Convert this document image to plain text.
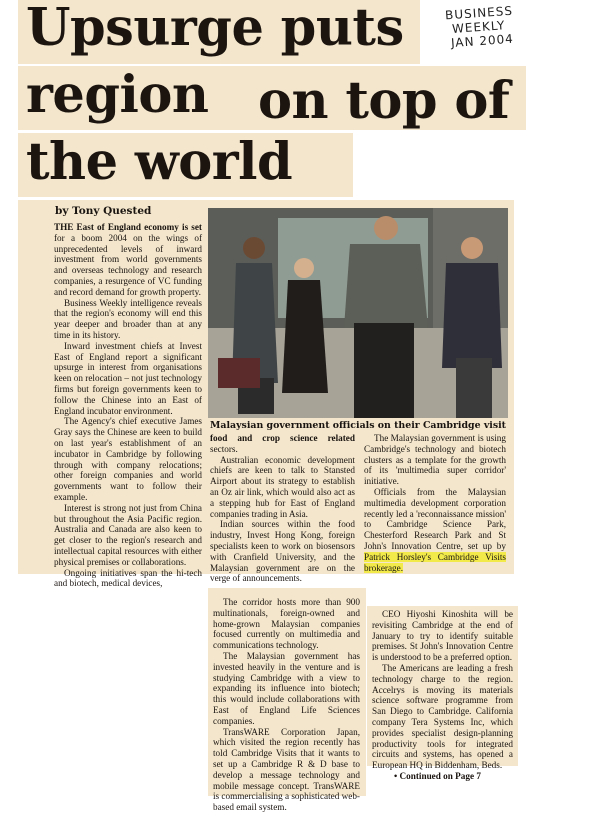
Upsurge puts
region on top of
the world
BUSINESS
WEEKLY
JAN 2004
by Tony Quested

THE East of England economy is set for a boom 2004 on the wings of unprecedented levels of inward investment from world governments and overseas technology and research companies, a resurgence of VC funding and record demand for growth property.

Business Weekly intelligence reveals that the region's economy will end this year deeper and broader than at any time in its history.

Inward investment chiefs at Invest East of England report a significant upsurge in interest from organisations keen on relocation – not just technology firms but foreign governments keen to follow the Chinese into an East of England incubator environment.

The Agency's chief executive James Gray says the Chinese are keen to build on last year's establishment of an incubator in Cambridge by following through with company relocations; other foreign companies and world governments want to follow their example.

Interest is strong not just from China but throughout the Asia Pacific region. Australia and Canada are also keen to get closer to the region's research and intellectual capital resources with either physical premises or collaborations.

Ongoing initiatives span the hi-tech and biotech, medical devices,

Malaysian government officials on their Cambridge visit

food and crop science related sectors.

Australian economic development chiefs are keen to talk to Stansted Airport about its strategy to establish an Oz air link, which would also act as a stepping hub for East of England companies trading in Asia.

Indian sources within the food industry, Invest Hong Kong, foreign specialists keen to work on biosensors with Cranfield University, and the Malaysian government are on the verge of announcements.

The Malaysian government is using Cambridge's technology and biotech clusters as a template for the growth of its 'multimedia super corridor' initiative.

Officials from the Malaysian multimedia development corporation recently led a 'reconnaissance mission' to Cambridge Science Park, Chesterford Research Park and St John's Innovation Centre, set up by Patrick Horsley's Cambridge Visits brokerage.

The corridor hosts more than 900 multinationals, foreign-owned and home-grown Malaysian companies focused currently on multimedia and communications technology.

The Malaysian government has invested heavily in the venture and is studying Cambridge with a view to expanding its influence into biotech; this would include collaborations with East of England Life Sciences companies.

TransWARE Corporation Japan, which visited the region recently has told Cambridge Visits that it wants to set up a Cambridge R & D base to develop a message technology and mobile message concept. TransWARE is commercialising a sophisticated web-based email system.

CEO Hiyoshi Kinoshita will be revisiting Cambridge at the end of January to try to identify suitable premises. St John's Innovation Centre is understood to be a preferred option.

The Americans are leading a fresh technology charge to the region. Accelrys is moving its materials science software programme from San Diego to Cambridge. California company Tera Systems Inc, which provides specialist design-planning productivity tools for integrated circuits and systems, has opened a European HQ in Biddenham, Beds.

• Continued on Page 7
